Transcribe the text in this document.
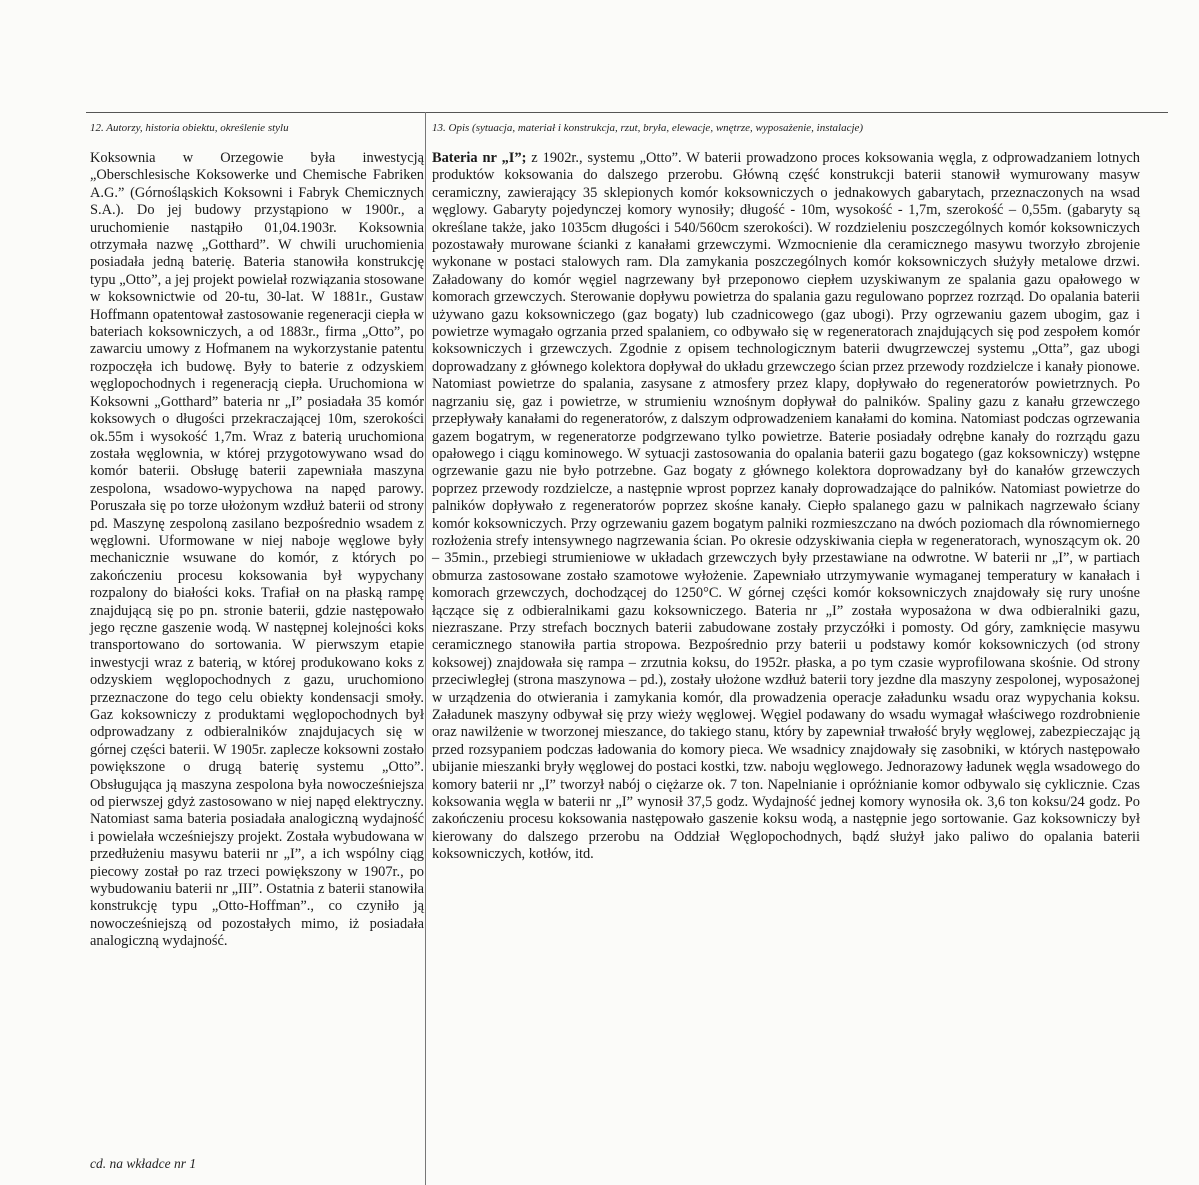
12. Autorzy, historia obiektu, określenie stylu	13. Opis (sytuacja, materiał i konstrukcja, rzut, bryła, elewacje, wnętrze, wyposażenie, instalacje)

Koksownia w Orzegowie była inwestycją „Oberschlesische Koksowerke und Chemische Fabriken A.G.” (Górnośląskich Koksowni i Fabryk Chemicznych S.A.). Do jej budowy przystąpiono w 1900r., a uruchomienie nastąpiło 01,04.1903r. Koksownia otrzymała nazwę „Gotthard”. W chwili uruchomienia posiadała jedną baterię. Bateria stanowiła konstrukcję typu „Otto”, a jej projekt powielał rozwiązania stosowane w koksownictwie od 20-tu, 30-lat. W 1881r., Gustaw Hoffmann opatentował zastosowanie regeneracji ciepła w bateriach koksowniczych, a od 1883r., firma „Otto”, po zawarciu umowy z Hofmanem na wykorzystanie patentu rozpoczęła ich budowę. Były to baterie z odzyskiem węglopochodnych i regeneracją ciepła. Uruchomiona w Koksowni „Gotthard” bateria nr „I” posiadała 35 komór koksowych o długości przekraczającej 10m, szerokości ok.55m i wysokość 1,7m. Wraz z baterią uruchomiona została węglownia, w której przygotowywano wsad do komór baterii. Obsługę baterii zapewniała maszyna zespolona, wsadowo-wypychowa na napęd parowy. Poruszała się po torze ułożonym wzdłuż baterii od strony pd. Maszynę zespoloną zasilano bezpośrednio wsadem z węglowni. Uformowane w niej naboje węglowe były mechanicznie wsuwane do komór, z których po zakończeniu procesu koksowania był wypychany rozpalony do białości koks. Trafiał on na płaską rampę znajdującą się po pn. stronie baterii, gdzie następowało jego ręczne gaszenie wodą. W następnej kolejności koks transportowano do sortowania. W pierwszym etapie inwestycji wraz z baterią, w której produkowano koks z odzyskiem węglopochodnych z gazu, uruchomiono przeznaczone do tego celu obiekty kondensacji smoły. Gaz koksowniczy z produktami węglopochodnych był odprowadzany z odbieralników znajdujacych się w górnej części baterii. W 1905r. zaplecze koksowni zostało powiększone o drugą baterię systemu „Otto”. Obsługująca ją maszyna zespolona była nowocześniejsza od pierwszej gdyż zastosowano w niej napęd elektryczny. Natomiast sama bateria posiadała analogiczną wydajność i powielała wcześniejszy projekt. Została wybudowana w przedłużeniu masywu baterii nr „I”, a ich wspólny ciąg piecowy został po raz trzeci powiększony w 1907r., po wybudowaniu baterii nr „III”. Ostatnia z baterii stanowiła konstrukcję typu „Otto-Hoffman”., co czyniło ją nowocześniejszą od pozostałych mimo, iż posiadała analogiczną wydajność.

Bateria nr „I”; z 1902r., systemu „Otto”. W baterii prowadzono proces koksowania węgla, z odprowadzaniem lotnych produktów koksowania do dalszego przerobu. Główną część konstrukcji baterii stanowił wymurowany masyw ceramiczny, zawierający 35 sklepionych komór koksowniczych o jednakowych gabarytach, przeznaczonych na wsad węglowy. Gabaryty pojedynczej komory wynosiły; długość - 10m, wysokość - 1,7m, szerokość – 0,55m. (gabaryty są określane także, jako 1035cm długości i 540/560cm szerokości). W rozdzieleniu poszczególnych komór koksowniczych pozostawały murowane ścianki z kanałami grzewczymi. Wzmocnienie dla ceramicznego masywu tworzyło zbrojenie wykonane w postaci stalowych ram. Dla zamykania poszczególnych komór koksowniczych służyły metalowe drzwi. Załadowany do komór węgiel nagrzewany był przeponowo ciepłem uzyskiwanym ze spalania gazu opałowego w komorach grzewczych. Sterowanie dopływu powietrza do spalania gazu regulowano poprzez rozrząd. Do opalania baterii używano gazu koksowniczego (gaz bogaty) lub czadnicowego (gaz ubogi). Przy ogrzewaniu gazem ubogim, gaz i powietrze wymagało ogrzania przed spalaniem, co odbywało się w regeneratorach znajdujących się pod zespołem komór koksowniczych i grzewczych. Zgodnie z opisem technologicznym baterii dwugrzewczej systemu „Otta”, gaz ubogi doprowadzany z głównego kolektora dopływał do układu grzewczego ścian przez przewody rozdzielcze i kanały pionowe. Natomiast powietrze do spalania, zasysane z atmosfery przez klapy, dopływało do regeneratorów powietrznych. Po nagrzaniu się, gaz i powietrze, w strumieniu wznośnym dopływał do palników. Spaliny gazu z kanału grzewczego przepływały kanałami do regeneratorów, z dalszym odprowadzeniem kanałami do komina. Natomiast podczas ogrzewania gazem bogatrym, w regeneratorze podgrzewano tylko powietrze. Baterie posiadały odrębne kanały do rozrządu gazu opałowego i ciągu kominowego. W sytuacji zastosowania do opalania baterii gazu bogatego (gaz koksowniczy) wstępne ogrzewanie gazu nie było potrzebne. Gaz bogaty z głównego kolektora doprowadzany był do kanałów grzewczych poprzez przewody rozdzielcze, a następnie wprost poprzez kanały doprowadzające do palników. Natomiast powietrze do palników dopływało z regeneratorów poprzez skośne kanały. Ciepło spalanego gazu w palnikach nagrzewało ściany komór koksowniczych. Przy ogrzewaniu gazem bogatym palniki rozmieszczano na dwóch poziomach dla równomiernego rozłożenia strefy intensywnego nagrzewania ścian. Po okresie odzyskiwania ciepła w regeneratorach, wynoszącym ok. 20 – 35min., przebiegi strumieniowe w układach grzewczych były przestawiane na odwrotne. W baterii nr „I”, w partiach obmurza zastosowane zostało szamotowe wyłożenie. Zapewniało utrzymywanie wymaganej temperatury w kanałach i komorach grzewczych, dochodzącej do 1250°C. W górnej części komór koksowniczych znajdowały się rury unośne łączące się z odbieralnikami gazu koksowniczego. Bateria nr „I” została wyposażona w dwa odbieralniki gazu, niezraszane. Przy strefach bocznych baterii zabudowane zostały przyczółki i pomosty. Od góry, zamknięcie masywu ceramicznego stanowiła partia stropowa. Bezpośrednio przy baterii u podstawy komór koksowniczych (od strony koksowej) znajdowała się rampa – zrzutnia koksu, do 1952r. płaska, a po tym czasie wyprofilowana skośnie. Od strony przeciwległej (strona maszynowa – pd.), zostały ułożone wzdłuż baterii tory jezdne dla maszyny zespolonej, wyposażonej w urządzenia do otwierania i zamykania komór, dla prowadzenia operacje załadunku wsadu oraz wypychania koksu. Załadunek maszyny odbywał się przy wieży węglowej. Węgiel podawany do wsadu wymagał właściwego rozdrobnienie oraz nawilżenie w tworzonej mieszance, do takiego stanu, który by zapewniał trwałość bryły węglowej, zabezpieczając ją przed rozsypaniem podczas ładowania do komory pieca. We wsadnicy znajdowały się zasobniki, w których następowało ubijanie mieszanki bryły węglowej do postaci kostki, tzw. naboju węglowego. Jednorazowy ładunek węgla wsadowego do komory baterii nr „I” tworzył nabój o ciężarze ok. 7 ton. Napelnianie i opróżnianie komor odbywalo się cyklicznie. Czas koksowania węgla w baterii nr „I” wynosił 37,5 godz. Wydajność jednej komory wynosiła ok. 3,6 ton koksu/24 godz. Po zakończeniu procesu koksowania następowało gaszenie koksu wodą, a następnie jego sortowanie. Gaz koksowniczy był kierowany do dalszego przerobu na Oddział Węglopochodnych, bądź służył jako paliwo do opalania baterii koksowniczych, kotłów, itd.

cd. na wkładce nr 1
